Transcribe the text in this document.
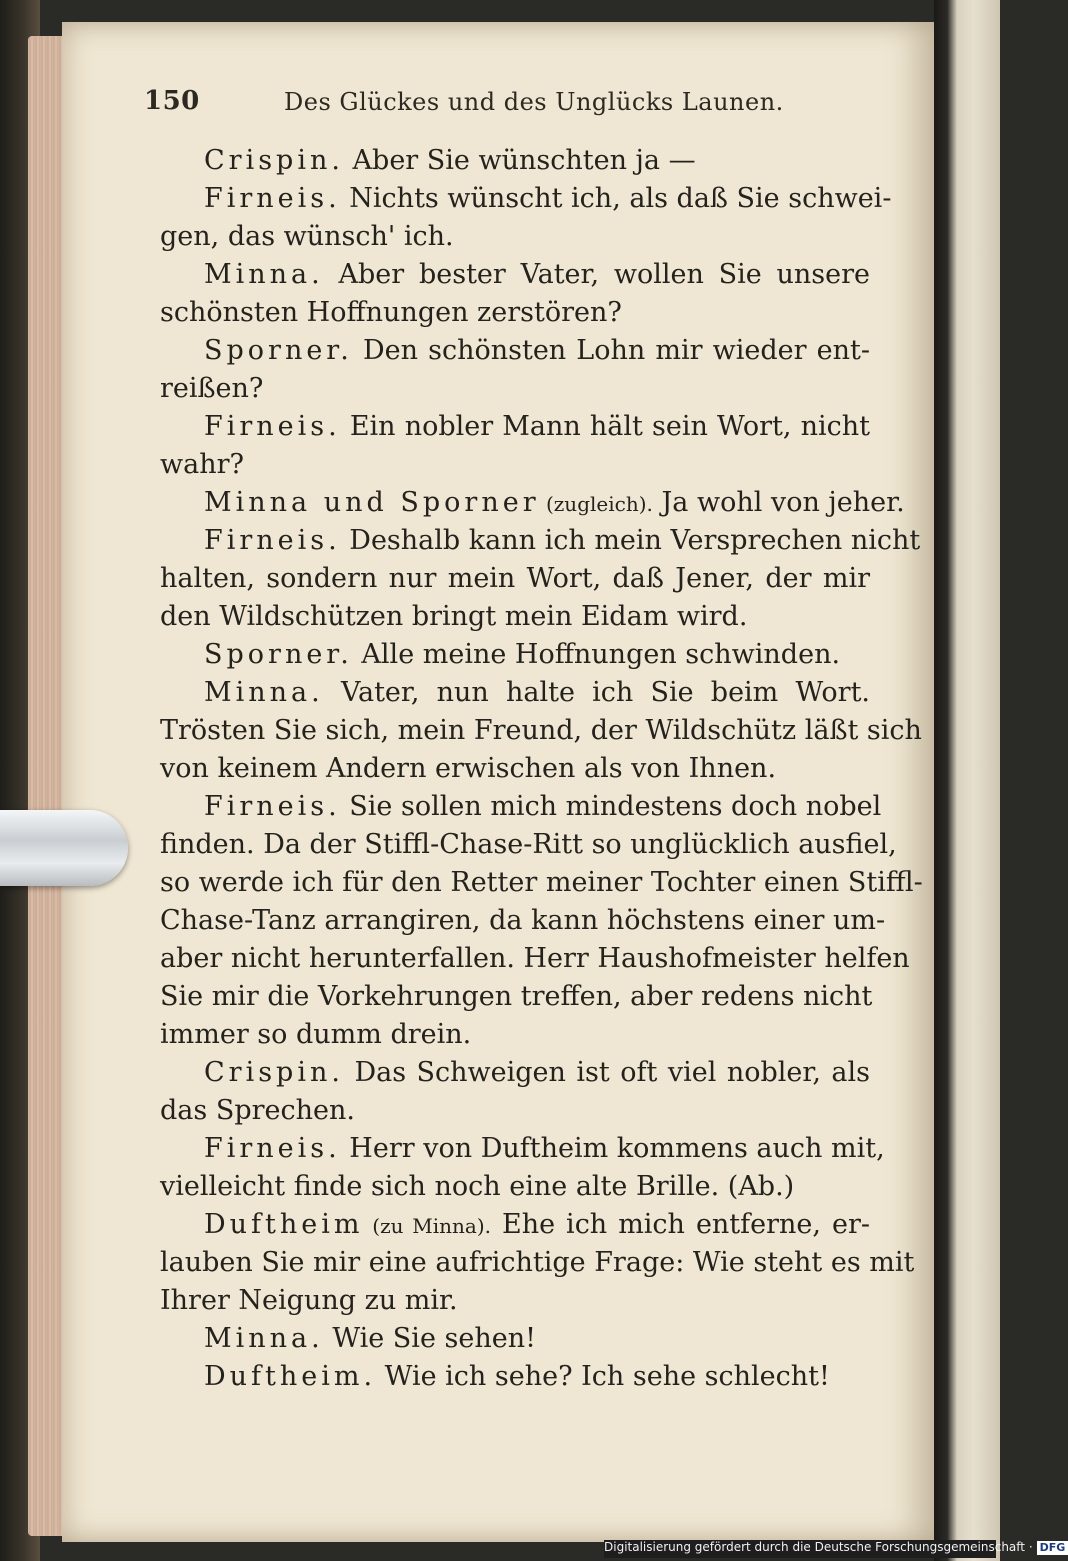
150	Des Glückes und des Unglücks Launen.
Crispin. Aber Sie wünschten ja —
Firneis. Nichts wünscht ich, als daß Sie schwei-
gen, das wünsch' ich.
Minna. Aber bester Vater, wollen Sie unsere
schönsten Hoffnungen zerstören?
Sporner. Den schönsten Lohn mir wieder ent-
reißen?
Firneis. Ein nobler Mann hält sein Wort, nicht
wahr?
Minna und Sporner (zugleich). Ja wohl von jeher.
Firneis. Deshalb kann ich mein Versprechen nicht
halten, sondern nur mein Wort, daß Jener, der mir
den Wildschützen bringt mein Eidam wird.
Sporner. Alle meine Hoffnungen schwinden.
Minna. Vater, nun halte ich Sie beim Wort.
Trösten Sie sich, mein Freund, der Wildschütz läßt sich
von keinem Andern erwischen als von Ihnen.
Firneis. Sie sollen mich mindestens doch nobel
finden. Da der Stiffl-Chase-Ritt so unglücklich ausfiel,
so werde ich für den Retter meiner Tochter einen Stiffl-
Chase-Tanz arrangiren, da kann höchstens einer um-
aber nicht herunterfallen. Herr Haushofmeister helfen
Sie mir die Vorkehrungen treffen, aber redens nicht
immer so dumm drein.
Crispin. Das Schweigen ist oft viel nobler, als
das Sprechen.
Firneis. Herr von Duftheim kommens auch mit,
vielleicht finde sich noch eine alte Brille. (Ab.)
Duftheim (zu Minna). Ehe ich mich entferne, er-
lauben Sie mir eine aufrichtige Frage: Wie steht es mit
Ihrer Neigung zu mir.
Minna. Wie Sie sehen!
Duftheim. Wie ich sehe? Ich sehe schlecht!
Digitalisierung gefördert durch die Deutsche Forschungsgemeinschaft · DFG
